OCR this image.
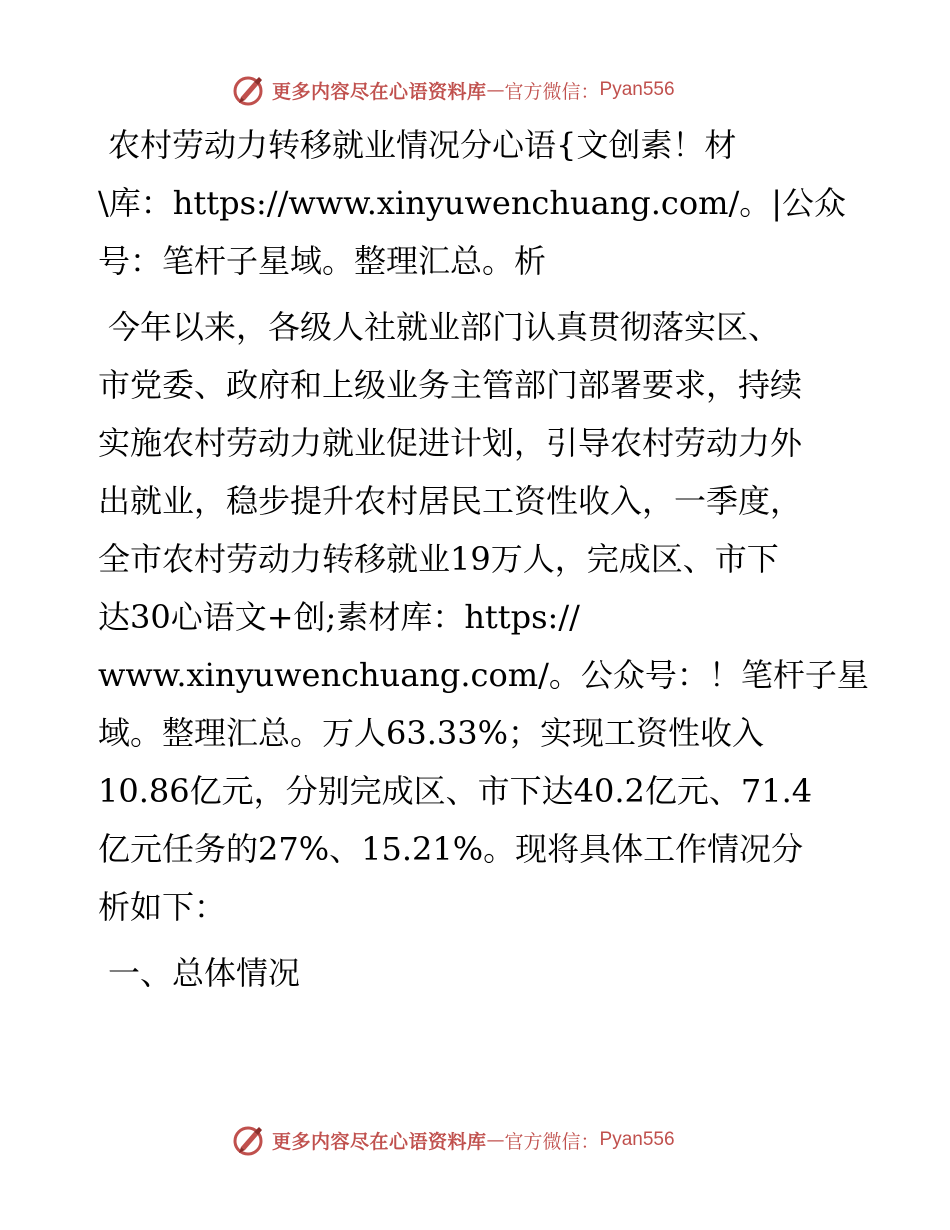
更多内容尽在心语资料库 — 官方微信： Pyan556
农村劳动力转移就业情况分心语{文创素！材
\库：https://www.xinyuwenchuang.com/。|公众
号：笔杆子星域。整理汇总。析
今年以来，各级人社就业部门认真贯彻落实区、
市党委、政府和上级业务主管部门部署要求，持续
实施农村劳动力就业促进计划，引导农村劳动力外
出就业，稳步提升农村居民工资性收入，一季度，
全市农村劳动力转移就业19万人，完成区、市下
达30心语文+创;素材库：https://
www.xinyuwenchuang.com/。公众号：！笔杆子星
域。整理汇总。万人63.33%；实现工资性收入
10.86亿元，分别完成区、市下达40.2亿元、71.4
亿元任务的27%、15.21%。现将具体工作情况分
析如下：
一、总体情况
更多内容尽在心语资料库 — 官方微信： Pyan556
